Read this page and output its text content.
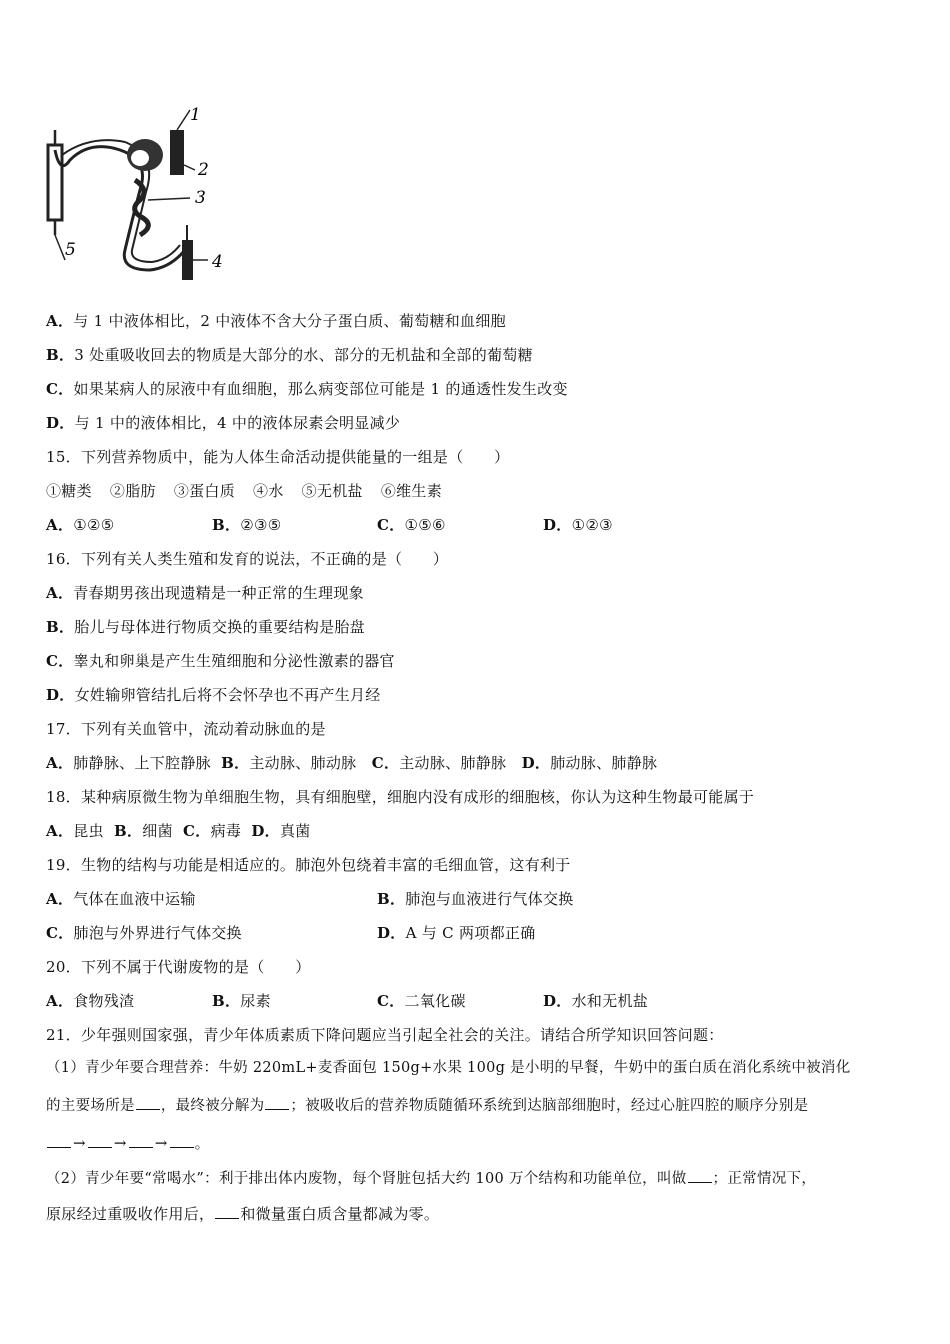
1
2
3
4
5
A．与 1 中液体相比，2 中液体不含大分子蛋白质、葡萄糖和血细胞
B．3 处重吸收回去的物质是大部分的水、部分的无机盐和全部的葡萄糖
C．如果某病人的尿液中有血细胞，那么病变部位可能是 1 的通透性发生改变
D．与 1 中的液体相比，4 中的液体尿素会明显减少
15．下列营养物质中，能为人体生命活动提供能量的一组是（　　）
①糖类 ②脂肪 ③蛋白质 ④水 ⑤无机盐 ⑥维生素
A．①②⑤	B．②③⑤	C．①⑤⑥	D．①②③
16．下列有关人类生殖和发育的说法，不正确的是（　　）
A．青春期男孩出现遗精是一种正常的生理现象
B．胎儿与母体进行物质交换的重要结构是胎盘
C．睾丸和卵巢是产生生殖细胞和分泌性激素的器官
D．女姓输卵管结扎后将不会怀孕也不再产生月经
17．下列有关血管中，流动着动脉血的是
A．肺静脉、上下腔静脉 B．主动脉、肺动脉 C．主动脉、肺静脉 D．肺动脉、肺静脉
18．某种病原微生物为单细胞生物，具有细胞壁，细胞内没有成形的细胞核，你认为这种生物最可能属于
A．昆虫 B．细菌 C．病毒 D．真菌
19．生物的结构与功能是相适应的。肺泡外包绕着丰富的毛细血管，这有利于
A．气体在血液中运输	B．肺泡与血液进行气体交换
C．肺泡与外界进行气体交换	D．A 与 C 两项都正确
20．下列不属于代谢废物的是（　　）
A．食物残渣	B．尿素	C．二氧化碳	D．水和无机盐
21．少年强则国家强，青少年体质素质下降问题应当引起全社会的关注。请结合所学知识回答问题：
（1）青少年要合理营养：牛奶 220mL+麦香面包 150g+水果 100g 是小明的早餐，牛奶中的蛋白质在消化系统中被消化
的主要场所是 ，最终被分解为 ；被吸收后的营养物质随循环系统到达脑部细胞时，经过心脏四腔的顺序分别是
→ → → 。
（2）青少年要“常喝水”：利于排出体内废物，每个肾脏包括大约 100 万个结构和功能单位，叫做 ；正常情况下，
原尿经过重吸收作用后， 和微量蛋白质含量都减为零。
